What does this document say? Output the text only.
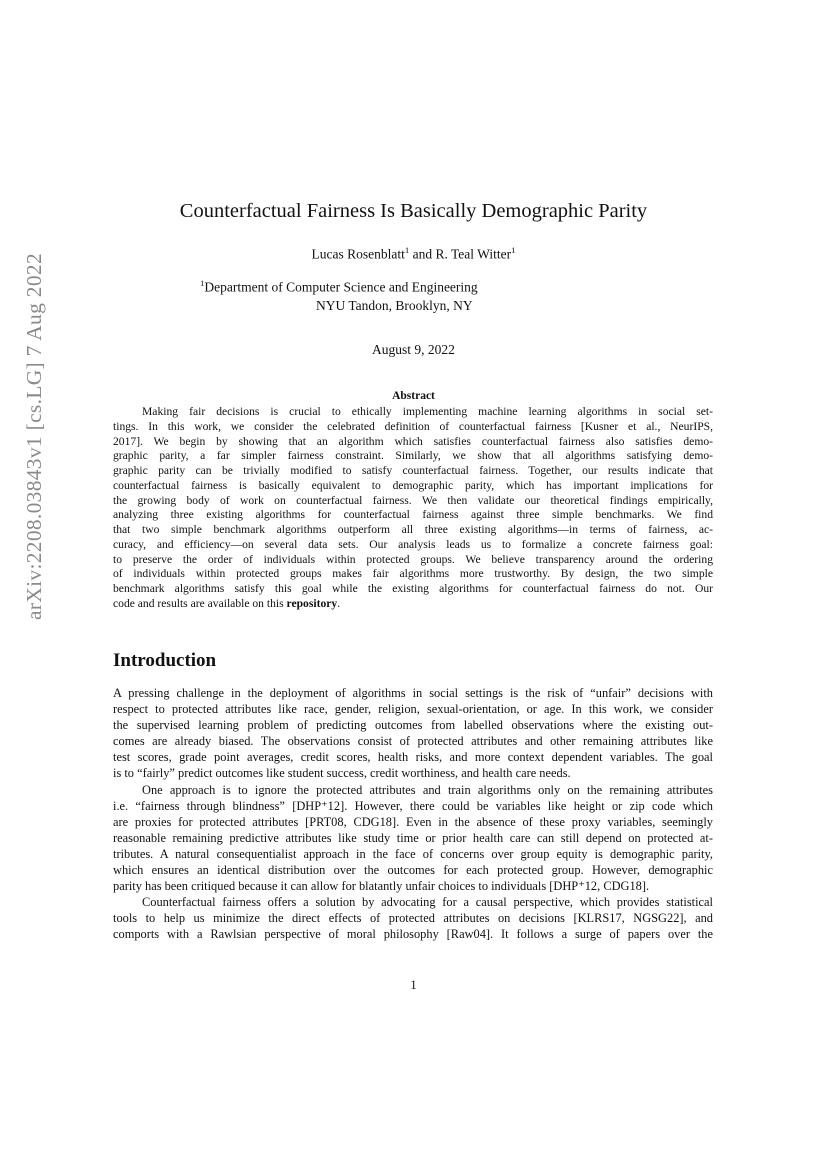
arXiv:2208.03843v1 [cs.LG] 7 Aug 2022
Counterfactual Fairness Is Basically Demographic Parity
Lucas Rosenblatt$^1$ and R. Teal Witter$^1$
$^1$Department of Computer Science and Engineering
NYU Tandon, Brooklyn, NY
August 9, 2022
Abstract
Making fair decisions is crucial to ethically implementing machine learning algorithms in social set-
tings. In this work, we consider the celebrated definition of counterfactual fairness [Kusner et al., NeurIPS,
2017]. We begin by showing that an algorithm which satisfies counterfactual fairness also satisfies demo-
graphic parity, a far simpler fairness constraint. Similarly, we show that all algorithms satisfying demo-
graphic parity can be trivially modified to satisfy counterfactual fairness. Together, our results indicate that
counterfactual fairness is basically equivalent to demographic parity, which has important implications for
the growing body of work on counterfactual fairness. We then validate our theoretical findings empirically,
analyzing three existing algorithms for counterfactual fairness against three simple benchmarks. We find
that two simple benchmark algorithms outperform all three existing algorithms—in terms of fairness, ac-
curacy, and efficiency—on several data sets. Our analysis leads us to formalize a concrete fairness goal:
to preserve the order of individuals within protected groups. We believe transparency around the ordering
of individuals within protected groups makes fair algorithms more trustworthy. By design, the two simple
benchmark algorithms satisfy this goal while the existing algorithms for counterfactual fairness do not. Our
code and results are available on this repository.
Introduction
A pressing challenge in the deployment of algorithms in social settings is the risk of “unfair” decisions with
respect to protected attributes like race, gender, religion, sexual-orientation, or age. In this work, we consider
the supervised learning problem of predicting outcomes from labelled observations where the existing out-
comes are already biased. The observations consist of protected attributes and other remaining attributes like
test scores, grade point averages, credit scores, health risks, and more context dependent variables. The goal
is to “fairly” predict outcomes like student success, credit worthiness, and health care needs.
One approach is to ignore the protected attributes and train algorithms only on the remaining attributes
i.e. “fairness through blindness” [DHP⁺12]. However, there could be variables like height or zip code which
are proxies for protected attributes [PRT08, CDG18]. Even in the absence of these proxy variables, seemingly
reasonable remaining predictive attributes like study time or prior health care can still depend on protected at-
tributes. A natural consequentialist approach in the face of concerns over group equity is demographic parity,
which ensures an identical distribution over the outcomes for each protected group. However, demographic
parity has been critiqued because it can allow for blatantly unfair choices to individuals [DHP⁺12, CDG18].
Counterfactual fairness offers a solution by advocating for a causal perspective, which provides statistical
tools to help us minimize the direct effects of protected attributes on decisions [KLRS17, NGSG22], and
comports with a Rawlsian perspective of moral philosophy [Raw04]. It follows a surge of papers over the
1
